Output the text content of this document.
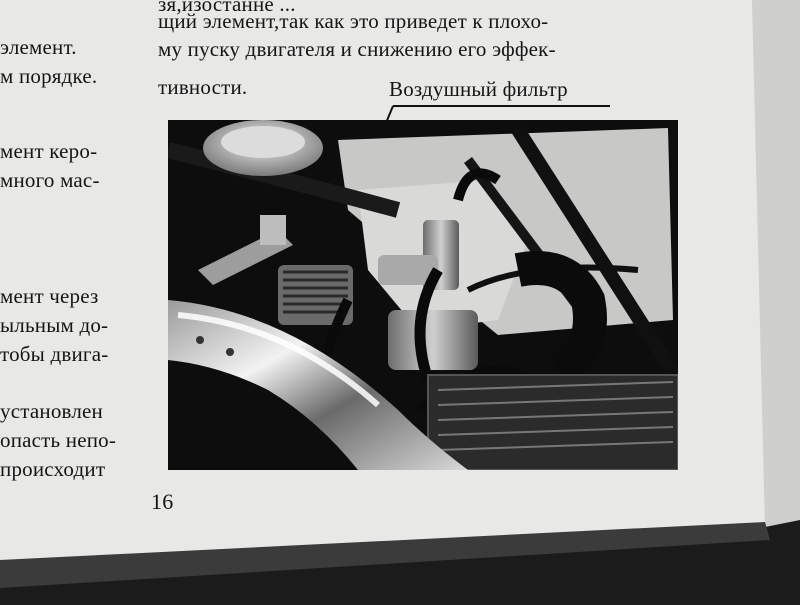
зя,изостанне ...
щий элемент,так как это приведет к плохо-
му пуску двигателя и снижению его эффек-
тивности.	Воздушный фильтр
элемент.
м порядке.
мент керо-
много мас-
мент через
ыльным до-
тобы двига-
установлен
опасть непо-
происходит
16
